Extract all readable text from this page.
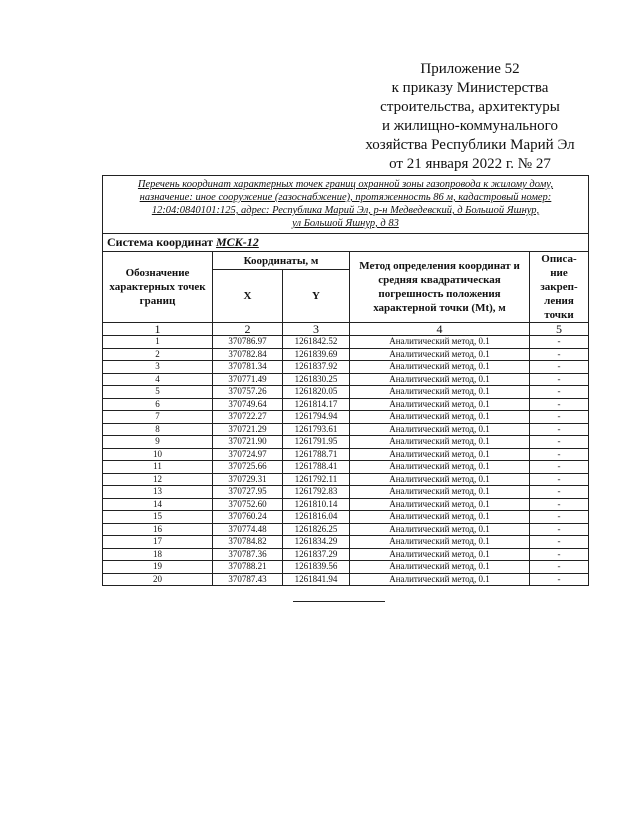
Приложение 52
к приказу Министерства
строительства, архитектуры
и жилищно-коммунального
хозяйства Республики Марий Эл
от 21 января 2022 г. № 27
Перечень координат характерных точек границ охранной зоны газопровода к жилому дому,
назначение: иное сооружение (газоснабжение), протяженность 86 м, кадастровый номер:
12:04:0840101:125, адрес: Республика Марий Эл, р-н Медведевский, д Большой Яшнур,
ул Большой Яшнур, д 83				

Система координат МСК-12				
Обозначение характерных точек границ	Координаты, м		Метод определения координат и средняя квадратическая погрешность положения характерной точки (Mt), м	Описа-
ние
закреп-
ления
точки

	X	Y		
1	2	3	4	5
1	370786.97	1261842.52	Аналитический метод, 0.1	-
2	370782.84	1261839.69	Аналитический метод, 0.1	-
3	370781.34	1261837.92	Аналитический метод, 0.1	-
4	370771.49	1261830.25	Аналитический метод, 0.1	-
5	370757.26	1261820.05	Аналитический метод, 0.1	-
6	370749.64	1261814.17	Аналитический метод, 0.1	-
7	370722.27	1261794.94	Аналитический метод, 0.1	-
8	370721.29	1261793.61	Аналитический метод, 0.1	-
9	370721.90	1261791.95	Аналитический метод, 0.1	-
10	370724.97	1261788.71	Аналитический метод, 0.1	-
11	370725.66	1261788.41	Аналитический метод, 0.1	-
12	370729.31	1261792.11	Аналитический метод, 0.1	-
13	370727.95	1261792.83	Аналитический метод, 0.1	-
14	370752.60	1261810.14	Аналитический метод, 0.1	-
15	370760.24	1261816.04	Аналитический метод, 0.1	-
16	370774.48	1261826.25	Аналитический метод, 0.1	-
17	370784.82	1261834.29	Аналитический метод, 0.1	-
18	370787.36	1261837.29	Аналитический метод, 0.1	-
19	370788.21	1261839.56	Аналитический метод, 0.1	-
20	370787.43	1261841.94	Аналитический метод, 0.1	-
